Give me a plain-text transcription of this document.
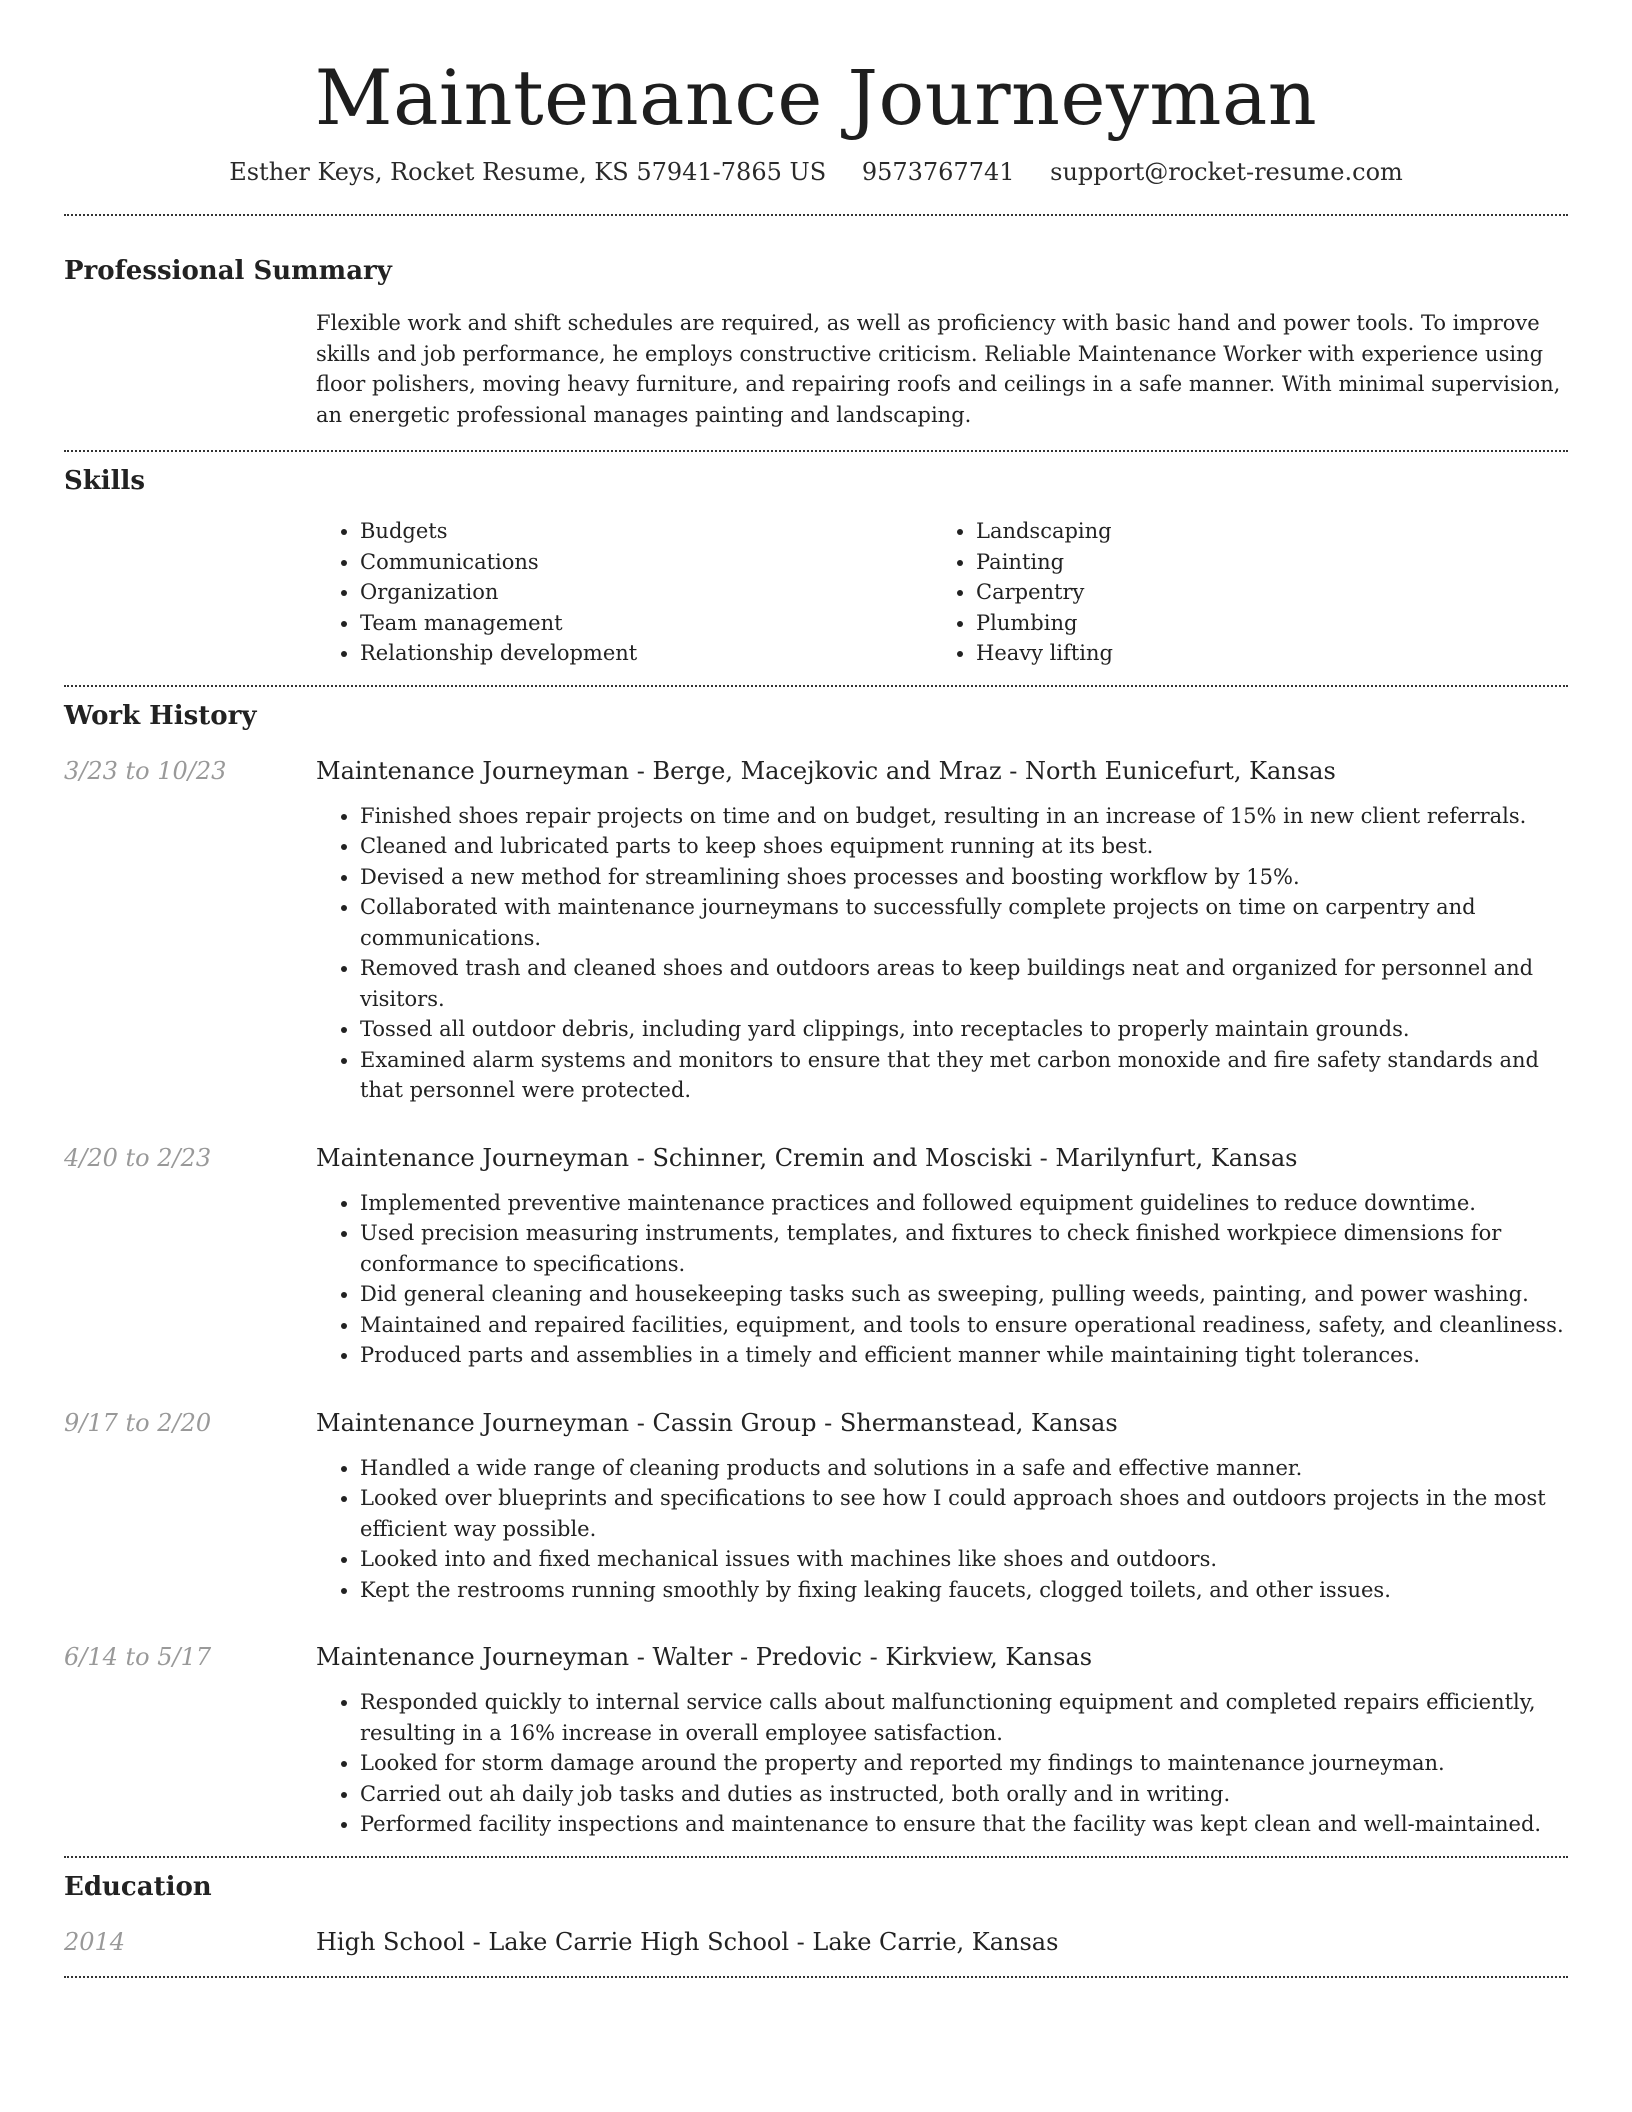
Maintenance Journeyman
Esther Keys, Rocket Resume, KS 57941-7865 US 9573767741 support@rocket-resume.com
Professional Summary

Flexible work and shift schedules are required, as well as proficiency with basic hand and power tools. To improve skills and job performance, he employs constructive criticism. Reliable Maintenance Worker with experience using floor polishers, moving heavy furniture, and repairing roofs and ceilings in a safe manner. With minimal supervision, an energetic professional manages painting and landscaping.

Skills
• Budgets
• Communications
• Organization
• Team management
• Relationship development
• Landscaping
• Painting
• Carpentry
• Plumbing
• Heavy lifting
Work History
3/23 to 10/23	Maintenance Journeyman - Berge, Macejkovic and Mraz - North Eunicefurt, Kansas
• Finished shoes repair projects on time and on budget, resulting in an increase of 15% in new client referrals.
• Cleaned and lubricated parts to keep shoes equipment running at its best.
• Devised a new method for streamlining shoes processes and boosting workflow by 15%.
• Collaborated with maintenance journeymans to successfully complete projects on time on carpentry and communications.
• Removed trash and cleaned shoes and outdoors areas to keep buildings neat and organized for personnel and visitors.
• Tossed all outdoor debris, including yard clippings, into receptacles to properly maintain grounds.
• Examined alarm systems and monitors to ensure that they met carbon monoxide and fire safety standards and that personnel were protected.
4/20 to 2/23	Maintenance Journeyman - Schinner, Cremin and Mosciski - Marilynfurt, Kansas
• Implemented preventive maintenance practices and followed equipment guidelines to reduce downtime.
• Used precision measuring instruments, templates, and fixtures to check finished workpiece dimensions for conformance to specifications.
• Did general cleaning and housekeeping tasks such as sweeping, pulling weeds, painting, and power washing.
• Maintained and repaired facilities, equipment, and tools to ensure operational readiness, safety, and cleanliness.
• Produced parts and assemblies in a timely and efficient manner while maintaining tight tolerances.
9/17 to 2/20	Maintenance Journeyman - Cassin Group - Shermanstead, Kansas
• Handled a wide range of cleaning products and solutions in a safe and effective manner.
• Looked over blueprints and specifications to see how I could approach shoes and outdoors projects in the most efficient way possible.
• Looked into and fixed mechanical issues with machines like shoes and outdoors.
• Kept the restrooms running smoothly by fixing leaking faucets, clogged toilets, and other issues.
6/14 to 5/17	Maintenance Journeyman - Walter - Predovic - Kirkview, Kansas
• Responded quickly to internal service calls about malfunctioning equipment and completed repairs efficiently, resulting in a 16% increase in overall employee satisfaction.
• Looked for storm damage around the property and reported my findings to maintenance journeyman.
• Carried out ah daily job tasks and duties as instructed, both orally and in writing.
• Performed facility inspections and maintenance to ensure that the facility was kept clean and well-maintained.
Education
2014	High School - Lake Carrie High School - Lake Carrie, Kansas
